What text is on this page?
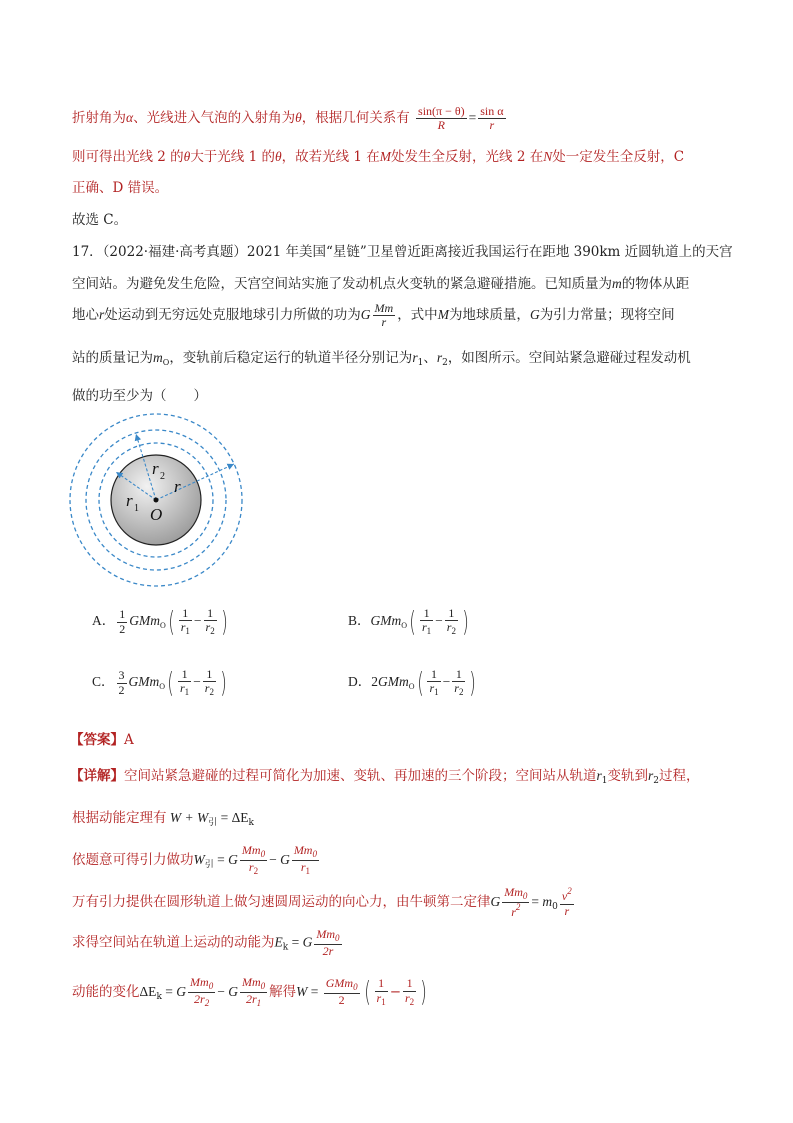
折射角为α、光线进入气泡的入射角为θ，根据几何关系有 $\frac{\sin(\pi - \theta)}{R} = \frac{\text{sin α}}{r}$
则可得出光线 2 的θ大于光线 1 的θ，故若光线 1 在M处发生全反射，光线 2 在N处一定发生全反射，C
正确、D 错误。
故选 C。
17．（2022·福建·高考真题）2021 年美国“星链”卫星曾近距离接近我国运行在距地 390km 近圆轨道上的天宫
空间站。为避免发生危险，天宫空间站实施了发动机点火变轨的紧急避碰措施。已知质量为m的物体从距
地心r处运动到无穷远处克服地球引力所做的功为G $\frac{Mm}{r}$ ，式中M为地球质量，G为引力常量；现将空间
站的质量记为$m_O$，变轨前后稳定运行的轨道半径分别记为$r_1$、$r_2$，如图所示。空间站紧急避碰过程发动机
做的功至少为（　　）
r 1
r 2
r
O
A． $\frac{1}{2} GMm_O( \frac{1}{r_1} - \frac{1}{r_2}$ )	B．$GMm_O( \frac{1}{r_1} - \frac{1}{r_2}$ )
C． $\frac{3}{2} GMm_O( \frac{1}{r_1} - \frac{1}{r_2}$ )	D．$2GMm_O( \frac{1}{r_1} - \frac{1}{r_2}$ )
【答案】A
【详解】空间站紧急避碰的过程可简化为加速、变轨、再加速的三个阶段；空间站从轨道$r_1$变轨到$r_2$过程，
根据动能定理有 $W + W_引 = \Delta E_k$
依题意可得引力做功$W_引 = G \frac{Mm_0}{r_2} - G \frac{Mm_0}{r_1}$
万有引力提供在圆形轨道上做匀速圆周运动的向心力，由牛顿第二定律G $\frac{Mm_0}{r^2} = m_0 \frac{v^2}{r}$
求得空间站在轨道上运动的动能为$E_k = G \frac{Mm_0}{2r}$
动能的变化$\Delta E_k = G \frac{Mm_0}{2r_2} - G \frac{Mm_0}{2r_1}$ 解得$W = \frac{GMm_0}{2}$ ( $\frac{1}{r_1} - \frac{1}{r_2}$ )
